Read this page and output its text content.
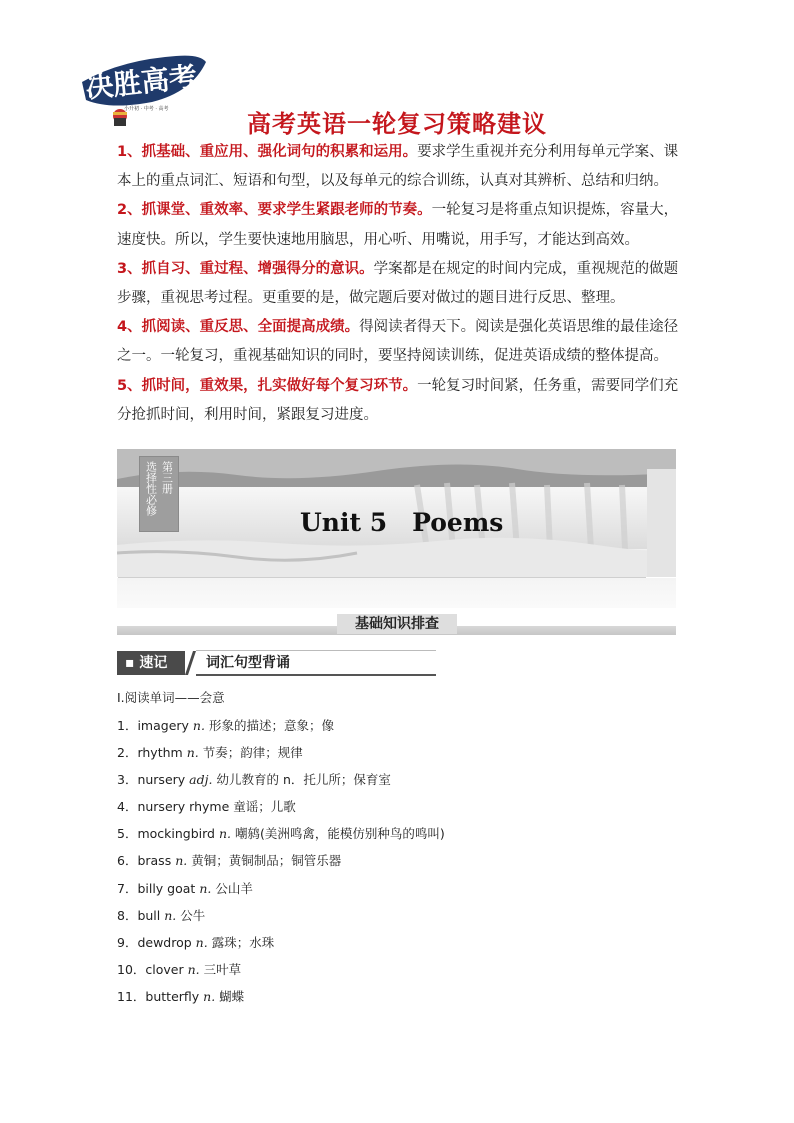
决胜高考
小升初 · 中考 · 高考
高考英语一轮复习策略建议

1、抓基础、重应用、强化词句的积累和运用。要求学生重视并充分利用每单元学案、课本上的重点词汇、短语和句型，以及每单元的综合训练，认真对其辨析、总结和归纳。

2、抓课堂、重效率、要求学生紧跟老师的节奏。一轮复习是将重点知识提炼，容量大，速度快。所以，学生要快速地用脑思，用心听、用嘴说，用手写，才能达到高效。

3、抓自习、重过程、增强得分的意识。学案都是在规定的时间内完成，重视规范的做题步骤，重视思考过程。更重要的是，做完题后要对做过的题目进行反思、整理。

4、抓阅读、重反思、全面提高成绩。得阅读者得天下。阅读是强化英语思维的最佳途径之一。一轮复习，重视基础知识的同时，要坚持阅读训练，促进英语成绩的整体提高。

5、抓时间，重效果，扎实做好每个复习环节。一轮复习时间紧，任务重，需要同学们充分抢抓时间，利用时间，紧跟复习进度。

第三册
选择性必修
Unit 5　Poems
基础知识排查
▪ 速记	词汇句型背诵
Ⅰ.阅读单词——会意
1．imagery n. 形象的描述；意象；像
2．rhythm n. 节奏；韵律；规律
3．nursery adj. 幼儿教育的 n．托儿所；保育室
4．nursery rhyme 童谣；儿歌
5．mockingbird n. 嘲鸫(美洲鸣禽，能模仿别种鸟的鸣叫)
6．brass n. 黄铜；黄铜制品；铜管乐器
7．billy goat n. 公山羊
8．bull n. 公牛
9．dewdrop n. 露珠；水珠
10．clover n. 三叶草
11．butterfly n. 蝴蝶
